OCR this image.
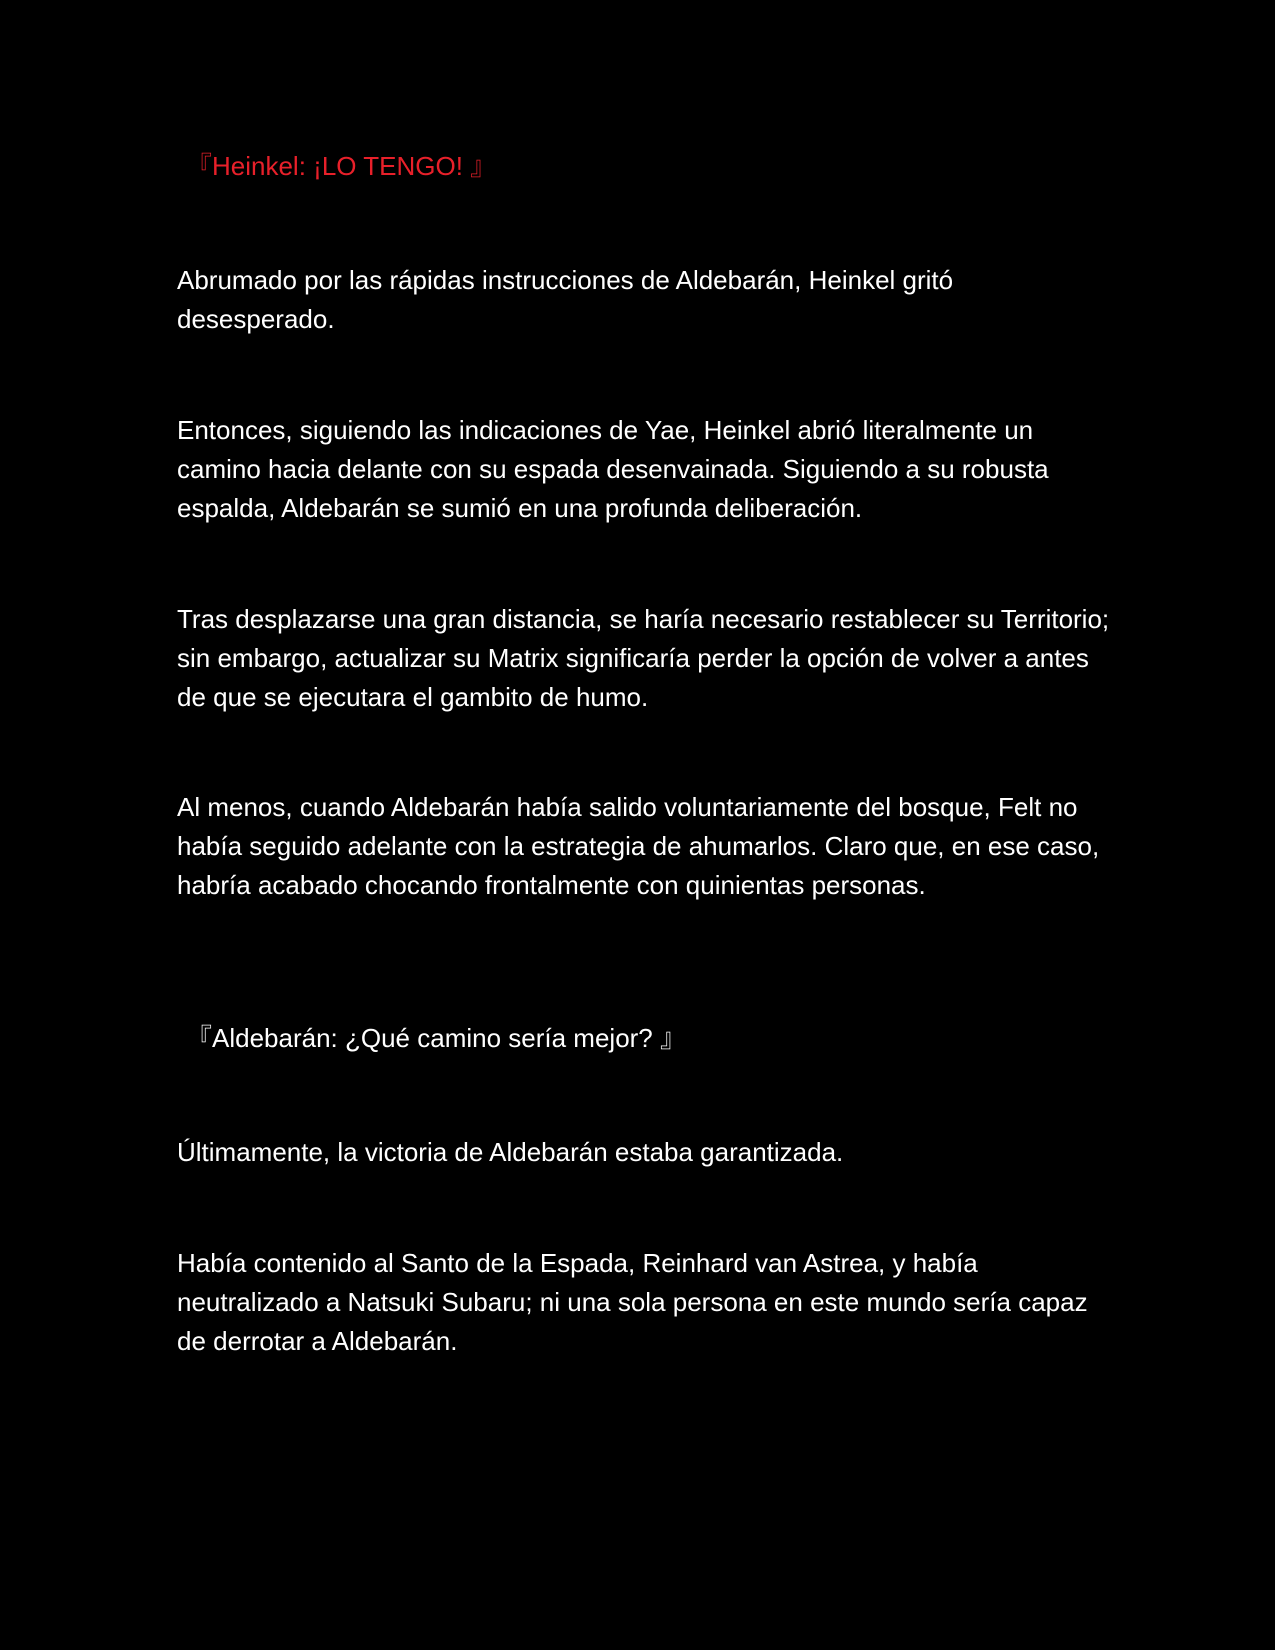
『Heinkel: ¡LO TENGO! 』

Abrumado por las rápidas instrucciones de Aldebarán, Heinkel gritó desesperado.

Entonces, siguiendo las indicaciones de Yae, Heinkel abrió literalmente un camino hacia delante con su espada desenvainada. Siguiendo a su robusta espalda, Aldebarán se sumió en una profunda deliberación.

Tras desplazarse una gran distancia, se haría necesario restablecer su Territorio; sin embargo, actualizar su Matrix significaría perder la opción de volver a antes de que se ejecutara el gambito de humo.

Al menos, cuando Aldebarán había salido voluntariamente del bosque, Felt no había seguido adelante con la estrategia de ahumarlos. Claro que, en ese caso, habría acabado chocando frontalmente con quinientas personas.

『Aldebarán: ¿Qué camino sería mejor? 』

Últimamente, la victoria de Aldebarán estaba garantizada.

Había contenido al Santo de la Espada, Reinhard van Astrea, y había neutralizado a Natsuki Subaru; ni una sola persona en este mundo sería capaz de derrotar a Aldebarán.
